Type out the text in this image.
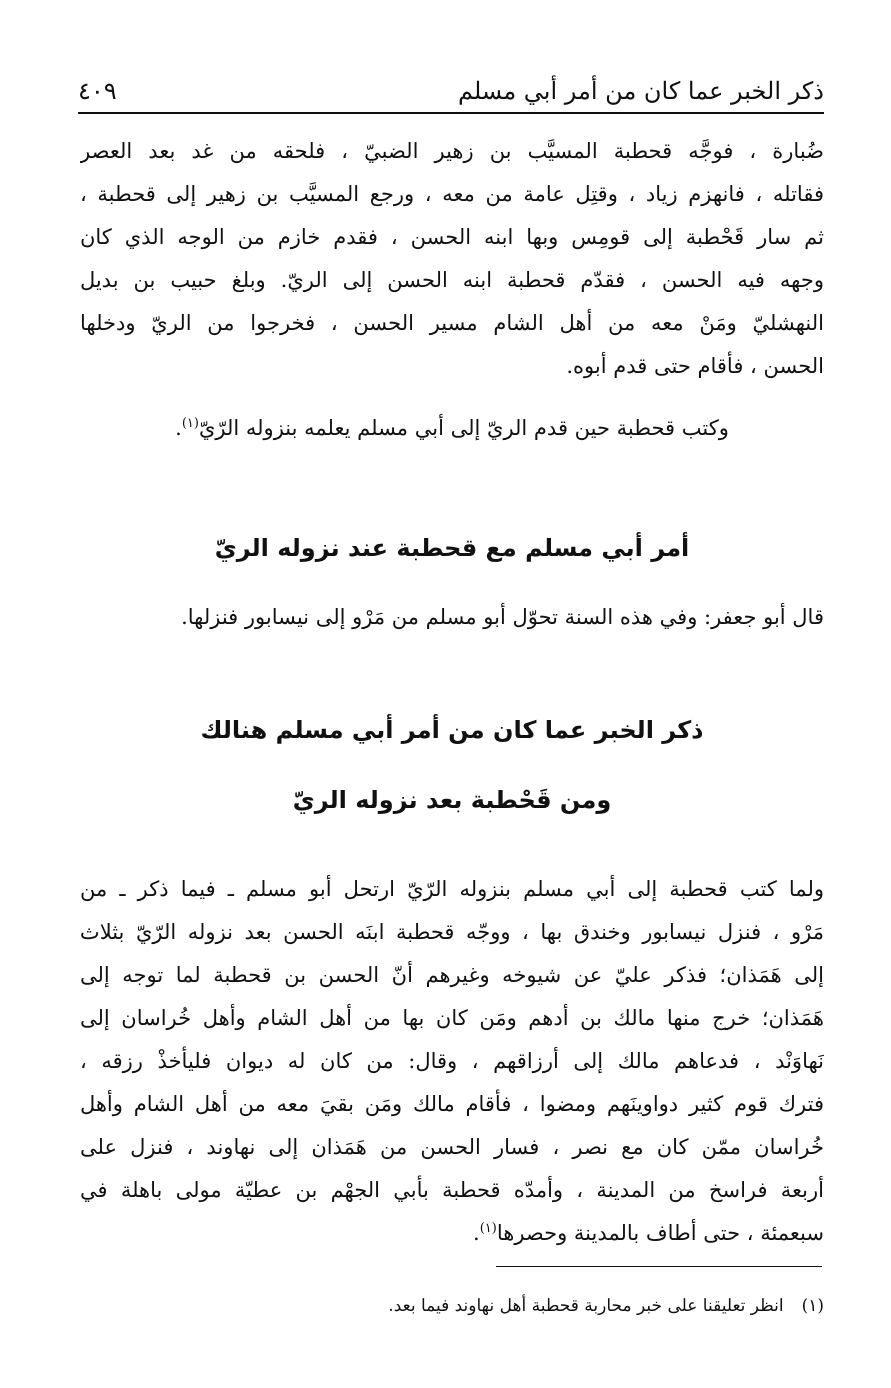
ذكر الخبر عما كان من أمر أبي مسلم
٤٠٩
ضُبارة ، فوجَّه قحطبة المسيَّب بن زهير الضبيّ ، فلحقه من غد بعد العصر
فقاتله ، فانهزم زياد ، وقتِل عامة من معه ، ورجع المسيَّب بن زهير إلى قحطبة ،
ثم سار قَحْطبة إلى قومِس وبها ابنه الحسن ، فقدم خازم من الوجه الذي كان
وجهه فيه الحسن ، فقدّم قحطبة ابنه الحسن إلى الريّ. وبلغ حبيب بن بديل
النهشليّ ومَنْ معه من أهل الشام مسير الحسن ، فخرجوا من الريّ ودخلها
الحسن ، فأقام حتى قدم أبوه.

وكتب قحطبة حين قدم الريّ إلى أبي مسلم يعلمه بنزوله الرّيّ$^{(١)}$.

أمر أبي مسلم مع قحطبة عند نزوله الريّ
قال أبو جعفر: وفي هذه السنة تحوّل أبو مسلم من مَرْو إلى نيسابور فنزلها.
ذكر الخبر عما كان من أمر أبي مسلم هنالك
ومن قَحْطبة بعد نزوله الريّ
ولما كتب قحطبة إلى أبي مسلم بنزوله الرّيّ ارتحل أبو مسلم ـ فيما ذكر ـ من
مَرْو ، فنزل نيسابور وخندق بها ، ووجّه قحطبة ابنَه الحسن بعد نزوله الرّيّ بثلاث
إلى هَمَذان؛ فذكر عليّ عن شيوخه وغيرهم أنّ الحسن بن قحطبة لما توجه إلى
هَمَذان؛ خرج منها مالك بن أدهم ومَن كان بها من أهل الشام وأهل خُراسان إلى
نَهاوَنْد ، فدعاهم مالك إلى أرزاقهم ، وقال: من كان له ديوان فليأخذْ رزقه ،
فترك قوم كثير دواوينَهم ومضوا ، فأقام مالك ومَن بقيَ معه من أهل الشام وأهل
خُراسان ممّن كان مع نصر ، فسار الحسن من هَمَذان إلى نهاوند ، فنزل على
أربعة فراسخ من المدينة ، وأمدّه قحطبة بأبي الجهْم بن عطيّة مولى باهلة في
سبعمئة ، حتى أطاف بالمدينة وحصرها$^{(١)}$.

(١)انظر تعليقنا على خبر محاربة قحطبة أهل نهاوند فيما بعد.
